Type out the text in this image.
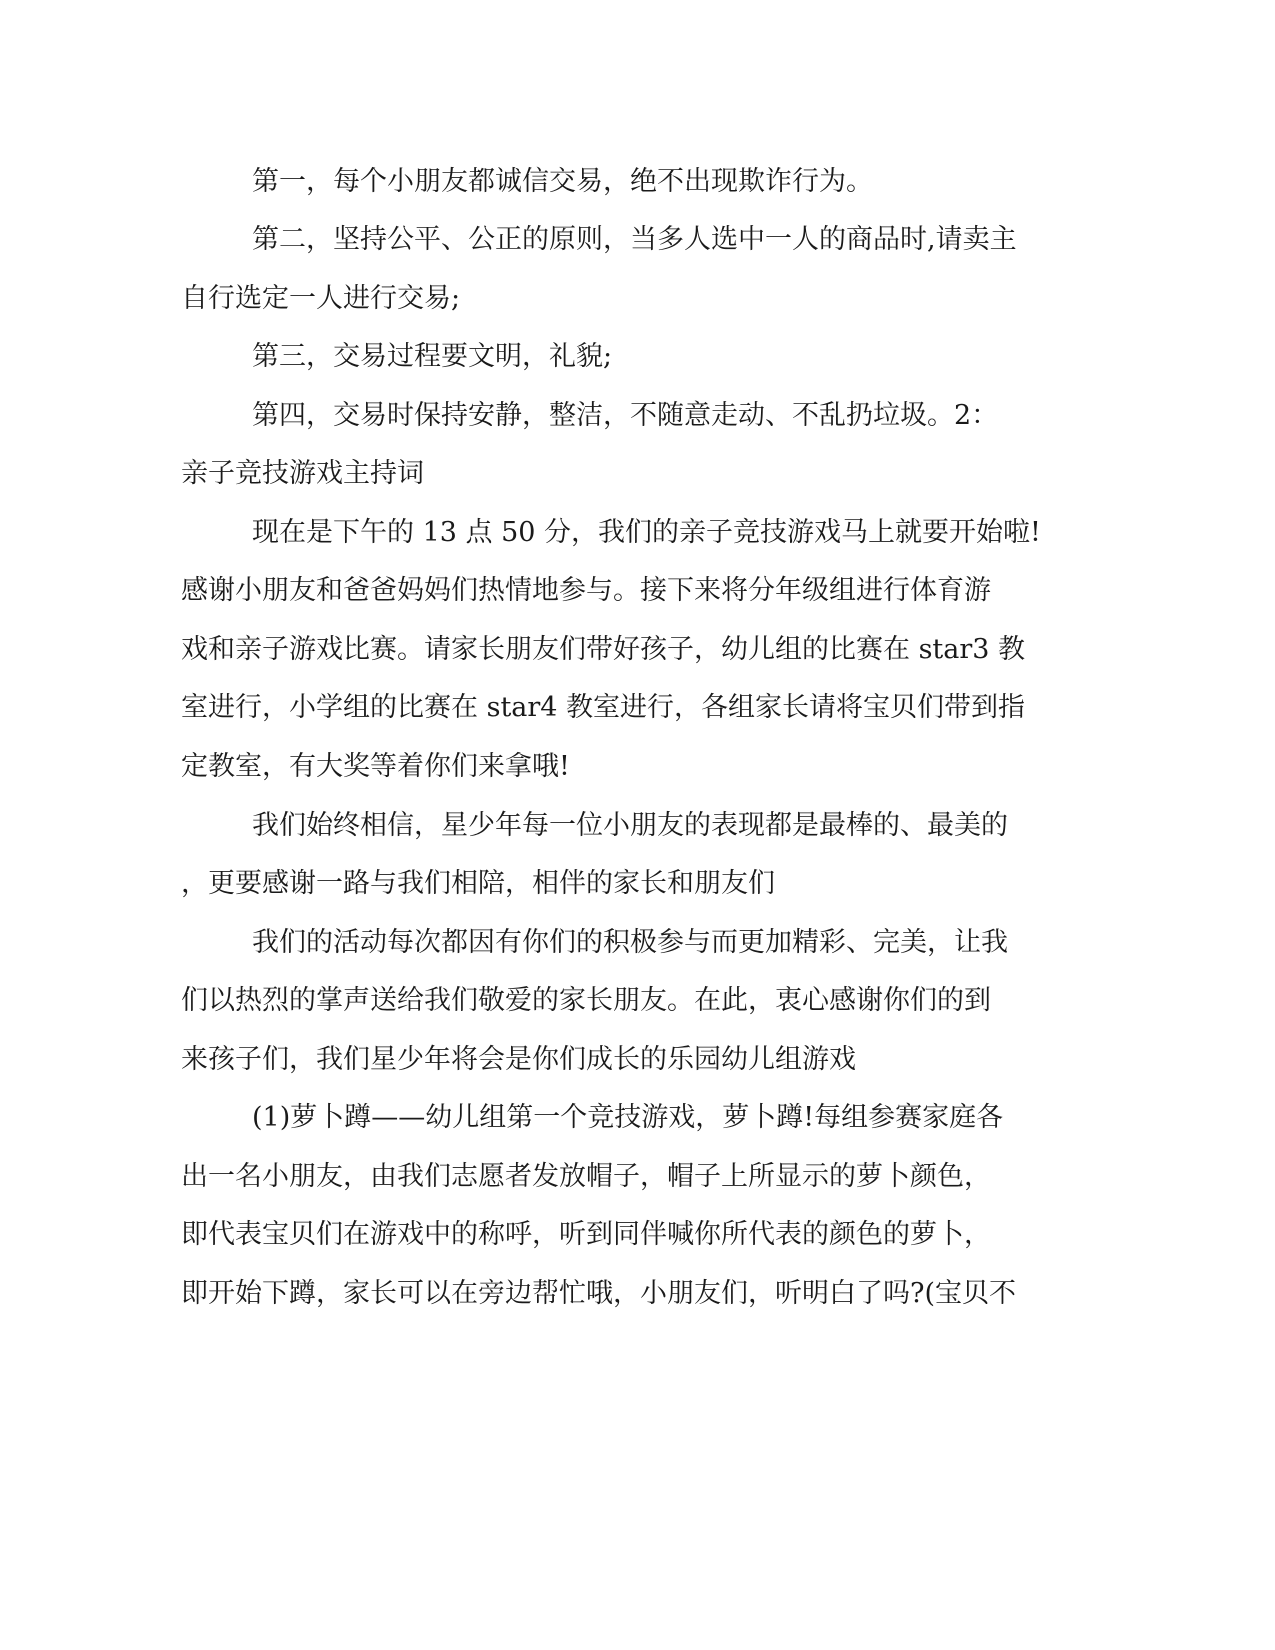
第一，每个小朋友都诚信交易，绝不出现欺诈行为。
第二，坚持公平、公正的原则，当多人选中一人的商品时,请卖主
自行选定一人进行交易;
第三，交易过程要文明，礼貌;
第四，交易时保持安静，整洁，不随意走动、不乱扔垃圾。2：
亲子竞技游戏主持词
现在是下午的 13 点 50 分，我们的亲子竞技游戏马上就要开始啦!
感谢小朋友和爸爸妈妈们热情地参与。接下来将分年级组进行体育游
戏和亲子游戏比赛。请家长朋友们带好孩子，幼儿组的比赛在 star3 教
室进行，小学组的比赛在 star4 教室进行，各组家长请将宝贝们带到指
定教室，有大奖等着你们来拿哦!
我们始终相信，星少年每一位小朋友的表现都是最棒的、最美的
，更要感谢一路与我们相陪，相伴的家长和朋友们
我们的活动每次都因有你们的积极参与而更加精彩、完美，让我
们以热烈的掌声送给我们敬爱的家长朋友。在此，衷心感谢你们的到
来孩子们，我们星少年将会是你们成长的乐园幼儿组游戏
(1)萝卜蹲——幼儿组第一个竞技游戏，萝卜蹲!每组参赛家庭各
出一名小朋友，由我们志愿者发放帽子，帽子上所显示的萝卜颜色，
即代表宝贝们在游戏中的称呼，听到同伴喊你所代表的颜色的萝卜，
即开始下蹲，家长可以在旁边帮忙哦，小朋友们，听明白了吗?(宝贝不
